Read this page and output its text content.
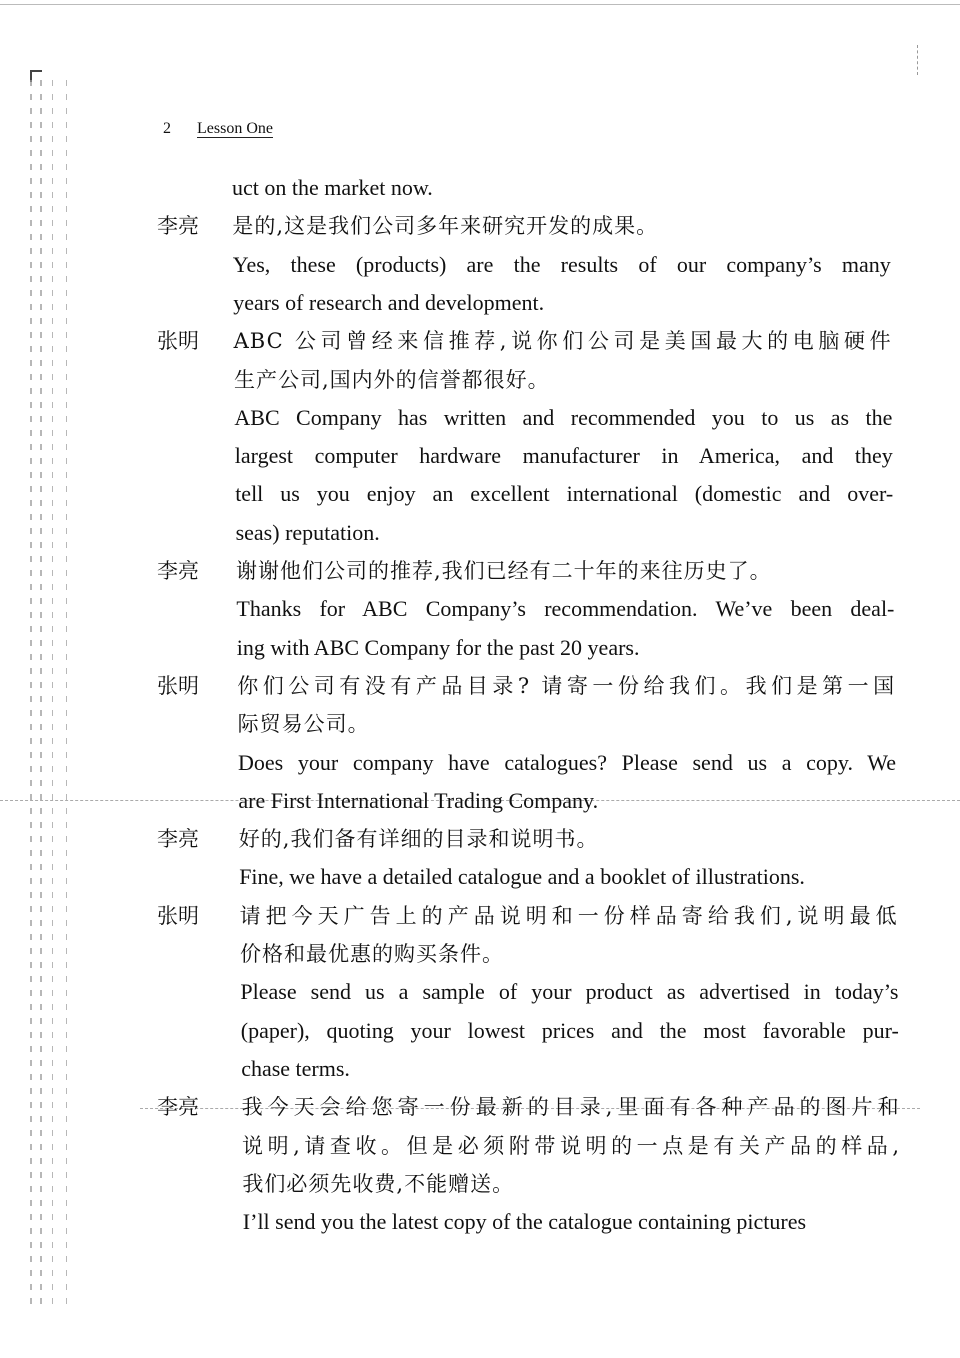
2 Lesson One
uct on the market now.
李亮 是的,这是我们公司多年来研究开发的成果。
Yes, these (products) are the results of our company’s many
years of research and development.
张明 ABC 公司曾经来信推荐,说你们公司是美国最大的电脑硬件
生产公司,国内外的信誉都很好。
ABC Company has written and recommended you to us as the
largest computer hardware manufacturer in America, and they
tell us you enjoy an excellent international (domestic and over-
seas) reputation.
李亮 谢谢他们公司的推荐,我们已经有二十年的来往历史了。
Thanks for ABC Company’s recommendation. We’ve been deal-
ing with ABC Company for the past 20 years.
张明 你们公司有没有产品目录? 请寄一份给我们。我们是第一国
际贸易公司。
Does your company have catalogues? Please send us a copy. We
are First International Trading Company.
李亮 好的,我们备有详细的目录和说明书。
Fine, we have a detailed catalogue and a booklet of illustrations.
张明 请把今天广告上的产品说明和一份样品寄给我们,说明最低
价格和最优惠的购买条件。
Please send us a sample of your product as advertised in today’s
(paper), quoting your lowest prices and the most favorable pur-
chase terms.
李亮 我今天会给您寄一份最新的目录,里面有各种产品的图片和
说明,请查收。但是必须附带说明的一点是有关产品的样品,
我们必须先收费,不能赠送。
I’ll send you the latest copy of the catalogue containing pictures
